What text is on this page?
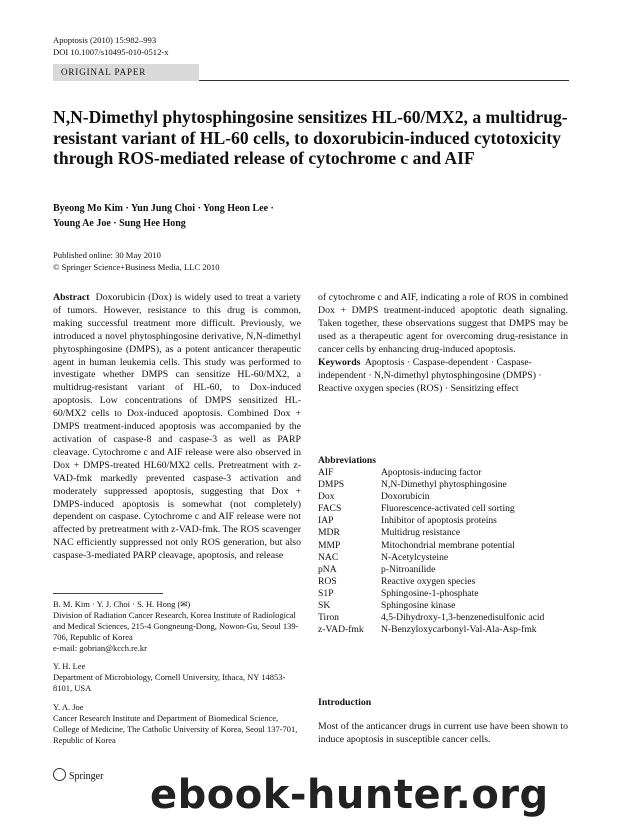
Apoptosis (2010) 15:982–993
DOI 10.1007/s10495-010-0512-x
ORIGINAL PAPER
N,N-Dimethyl phytosphingosine sensitizes HL-60/MX2, a multidrug-resistant variant of HL-60 cells, to doxorubicin-induced cytotoxicity through ROS-mediated release of cytochrome c and AIF
Byeong Mo Kim · Yun Jung Choi · Yong Heon Lee ·
Young Ae Joe · Sung Hee Hong
Published online: 30 May 2010
© Springer Science+Business Media, LLC 2010
Abstract Doxorubicin (Dox) is widely used to treat a variety of tumors. However, resistance to this drug is common, making successful treatment more difficult. Previously, we introduced a novel phytosphingosine derivative, N,N-dimethyl phytosphingosine (DMPS), as a potent anticancer therapeutic agent in human leukemia cells. This study was performed to investigate whether DMPS can sensitize HL-60/MX2, a multidrug-resistant variant of HL-60, to Dox-induced apoptosis. Low concentrations of DMPS sensitized HL-60/MX2 cells to Dox-induced apoptosis. Combined Dox + DMPS treatment-induced apoptosis was accompanied by the activation of caspase-8 and caspase-3 as well as PARP cleavage. Cytochrome c and AIF release were also observed in Dox + DMPS-treated HL60/MX2 cells. Pretreatment with z-VAD-fmk markedly prevented caspase-3 activation and moderately suppressed apoptosis, suggesting that Dox + DMPS-induced apoptosis is somewhat (not completely) dependent on caspase. Cytochrome c and AIF release were not affected by pretreatment with z-VAD-fmk. The ROS scavenger NAC efficiently suppressed not only ROS generation, but also caspase-3-mediated PARP cleavage, apoptosis, and release
of cytochrome c and AIF, indicating a role of ROS in combined Dox + DMPS treatment-induced apoptotic death signaling. Taken together, these observations suggest that DMPS may be used as a therapeutic agent for overcoming drug-resistance in cancer cells by enhancing drug-induced apoptosis.
Keywords Apoptosis · Caspase-dependent · Caspase-independent · N,N-dimethyl phytosphingosine (DMPS) · Reactive oxygen species (ROS) · Sensitizing effect
Abbreviations
AIF	Apoptosis-inducing factor
DMPS	N,N-Dimethyl phytosphingosine
Dox	Doxorubicin
FACS	Fluorescence-activated cell sorting
IAP	Inhibitor of apoptosis proteins
MDR	Multidrug resistance
MMP	Mitochondrial membrane potential
NAC	N-Acetylcysteine
pNA	p-Nitroanilide
ROS	Reactive oxygen species
S1P	Sphingosine-1-phosphate
SK	Sphingosine kinase
Tiron	4,5-Dihydroxy-1,3-benzenedisulfonic acid
z-VAD-fmk	N-Benzyloxycarbonyl-Val-Ala-Asp-fmk
B. M. Kim · Y. J. Choi · S. H. Hong (✉)
Division of Radiation Cancer Research, Korea Institute of Radiological and Medical Sciences, 215-4 Gongneung-Dong, Nowon-Gu, Seoul 139-706, Republic of Korea
e-mail: gobrian@kcch.re.kr
Y. H. Lee
Department of Microbiology, Cornell University, Ithaca, NY 14853-8101, USA
Y. A. Joe
Cancer Research Institute and Department of Biomedical Science, College of Medicine, The Catholic University of Korea, Seoul 137-701, Republic of Korea
Introduction
Most of the anticancer drugs in current use have been shown to induce apoptosis in susceptible cancer cells.
Springer ebook-hunter.org
